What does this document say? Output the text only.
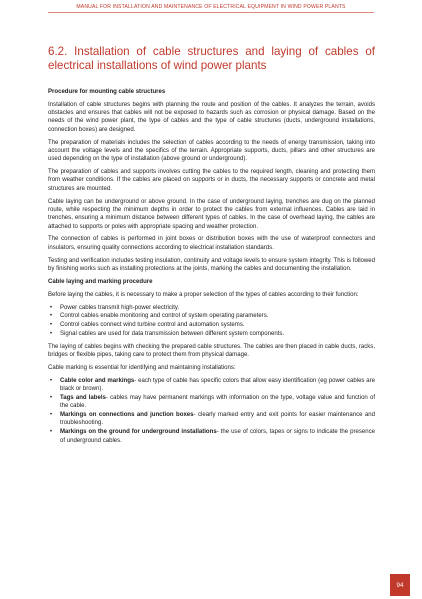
MANUAL FOR INSTALLATION AND MAINTENANCE OF ELECTRICAL EQUIPMENT IN WIND POWER PLANTS
6.2. Installation of cable structures and laying of cables of electrical installations of wind power plants
Procedure for mounting cable structures

Installation of cable structures begins with planning the route and position of the cables. It analyzes the terrain, avoids obstacles and ensures that cables will not be exposed to hazards such as corrosion or physical damage. Based on the needs of the wind power plant, the type of cables and the type of cable structures (ducts, underground installations, connection boxes) are designed.

The preparation of materials includes the selection of cables according to the needs of energy transmission, taking into account the voltage levels and the specifics of the terrain. Appropriate supports, ducts, pillars and other structures are used depending on the type of installation (above ground or underground).

The preparation of cables and supports involves cutting the cables to the required length, cleaning and protecting them from weather conditions. If the cables are placed on supports or in ducts, the necessary supports or concrete and metal structures are mounted.

Cable laying can be underground or above ground. In the case of underground laying, trenches are dug on the planned route, while respecting the minimum depths in order to protect the cables from external influences. Cables are laid in trenches, ensuring a minimum distance between different types of cables. In the case of overhead laying, the cables are attached to supports or poles with appropriate spacing and weather protection.

The connection of cables is performed in joint boxes or distribution boxes with the use of waterproof connectors and insulators, ensuring quality connections according to electrical installation standards.

Testing and verification includes testing insulation, continuity and voltage levels to ensure system integrity. This is followed by finishing works such as installing protections at the joints, marking the cables and documenting the installation.

Cable laying and marking procedure

Before laying the cables, it is necessary to make a proper selection of the types of cables according to their function:

• Power cables transmit high-power electricity.
• Control cables enable monitoring and control of system operating parameters.
• Control cables connect wind turbine control and automation systems.
• Signal cables are used for data transmission between different system components.

The laying of cables begins with checking the prepared cable structures. The cables are then placed in cable ducts, racks, bridges or flexible pipes, taking care to protect them from physical damage.

Cable marking is essential for identifying and maintaining installations:

• Cable color and markings- each type of cable has specific colors that allow easy identification (eg power cables are black or brown).
• Tags and labels- cables may have permanent markings with information on the type, voltage value and function of the cable.
• Markings on connections and junction boxes- clearly marked entry and exit points for easier maintenance and troubleshooting.
• Markings on the ground for underground installations- the use of colors, tapes or signs to indicate the presence of underground cables.
94
